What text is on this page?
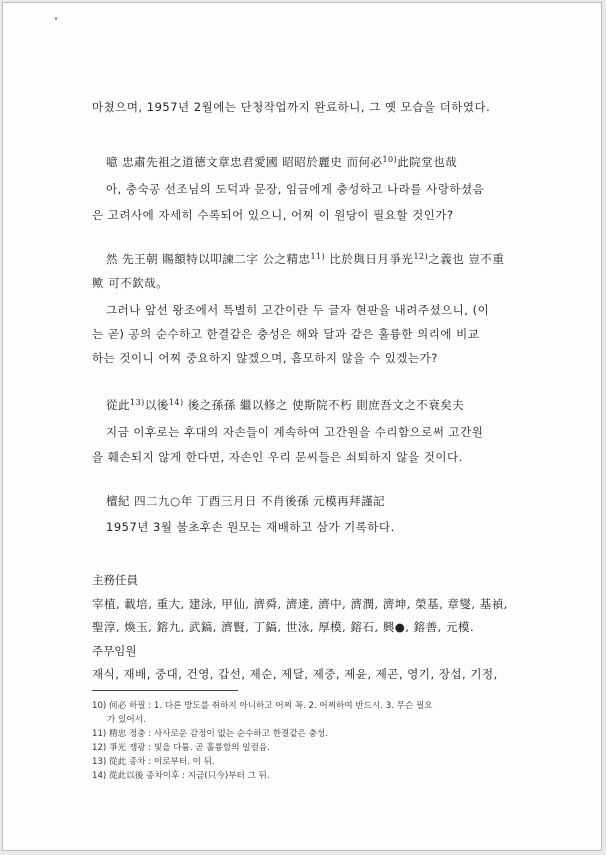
마쳤으며, 1957년 2월에는 단청작업까지 완료하니, 그 옛 모습을 더하였다.

噫 忠肅先祖之道德文章忠君愛國 昭昭於麗史 而何必$^{10)}$此院堂也哉

아, 충숙공 선조님의 도덕과 문장, 임금에게 충성하고 나라를 사랑하셨음

은 고려사에 자세히 수록되어 있으니, 어찌 이 원당이 필요할 것인가?

然 先王朝 賜額特以叩諫二字 公之精忠$^{11)}$ 比於與日月爭光$^{12)}$之義也 豈不重

歟 可不欽哉。

그러나 앞선 왕조에서 특별히 고간이란 두 글자 현판을 내려주셨으니, (이

는 곧) 공의 순수하고 한결같은 충성은 해와 달과 같은 훌륭한 의리에 비교

하는 것이니 어찌 중요하지 않겠으며, 흠모하지 않을 수 있겠는가?

從此$^{13)}$以後$^{14)}$ 後之孫孫 繼以修之 使斯院不朽 則庶吾文之不衰矣夫

지금 이후로는 후대의 자손들이 계속하여 고간원을 수리함으로써 고간원

을 훼손되지 않게 한다면, 자손인 우리 문씨들은 쇠퇴하지 않을 것이다.

檀紀 四二九○年 丁酉三月日 不肖後孫 元模再拜謹記

1957년 3월 불초후손 원모는 재배하고 삼가 기록하다.

主務任員

宰植, 載培, 重大, 建泳, 甲仙, 濟舜, 濟達, 濟中, 濟潤, 濟坤, 榮基, 章燮, 基禎,

聖淳, 煥玉, 鎔九, 武鎬, 濟賢, 丁鎬, 世泳, 厚模, 鎔石, 興●, 鎔善, 元模.

주무임원

재식, 재배, 중대, 건영, 갑선, 제순, 제달, 제중, 제윤, 제곤, 영기, 장섭, 기정,

10) 何必 하필 : 1. 다른 방도를 취하지 아니하고 어찌 꼭. 2. 어찌하여 반드시. 3. 무슨 필요
가 있어서.
11) 精忠 정충 : 사사로운 감정이 없는 순수하고 한결같은 충성.
12) 爭光 쟁광 : 빛을 다툼. 곧 훌륭함의 일컬음.
13) 從此 종차 : 이로부터. 이 뒤.
14) 從此以後 종차이후 : 지금(只今)부터 그 뒤.
